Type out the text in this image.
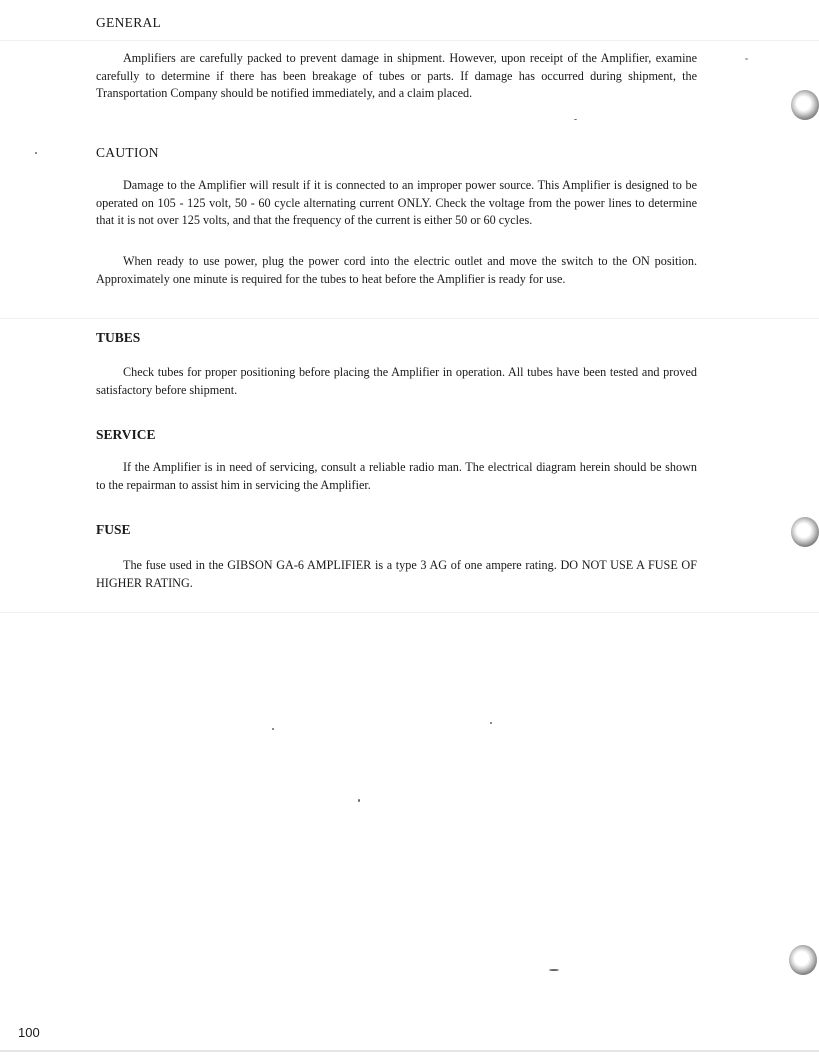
GENERAL

Amplifiers are carefully packed to prevent damage in shipment. However, upon receipt of the Amplifier, examine carefully to determine if there has been breakage of tubes or parts. If damage has occurred during shipment, the Transportation Company should be notified immediately, and a claim placed.

CAUTION

Damage to the Amplifier will result if it is connected to an improper power source. This Amplifier is designed to be operated on 105 - 125 volt, 50 - 60 cycle alternating current ONLY. Check the voltage from the power lines to determine that it is not over 125 volts, and that the frequency of the current is either 50 or 60 cycles.

When ready to use power, plug the power cord into the electric outlet and move the switch to the ON position. Approximately one minute is required for the tubes to heat before the Amplifier is ready for use.

TUBES

Check tubes for proper positioning before placing the Amplifier in operation. All tubes have been tested and proved satisfactory before shipment.

SERVICE

If the Amplifier is in need of servicing, consult a reliable radio man. The electrical diagram herein should be shown to the repairman to assist him in servicing the Amplifier.

FUSE

The fuse used in the GIBSON GA-6 AMPLIFIER is a type 3 AG of one ampere rating. DO NOT USE A FUSE OF HIGHER RATING.

100
